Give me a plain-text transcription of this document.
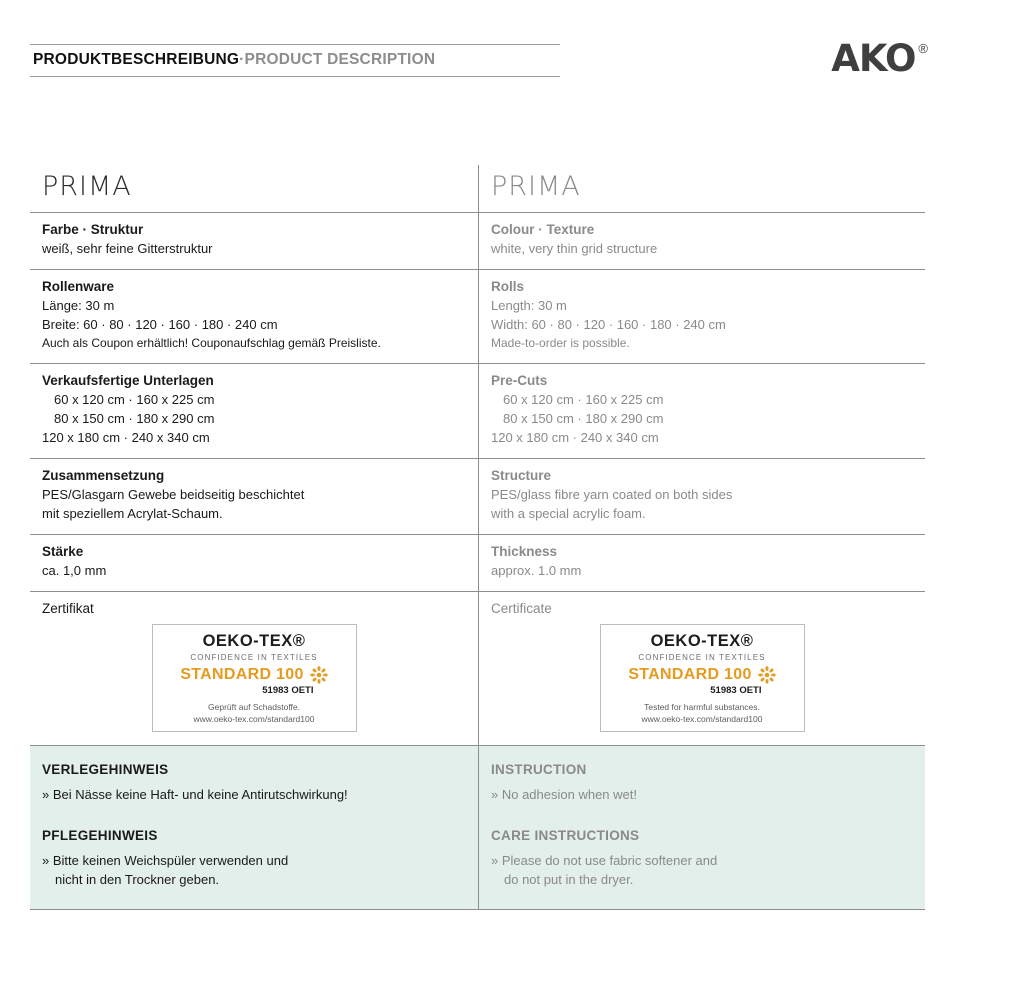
PRODUKTBESCHREIBUNG·PRODUCT DESCRIPTION	AKO ®
PRIMA	PRIMA
Farbe · Struktur
weiß, sehr feine Gitterstruktur
Colour · Texture
white, very thin grid structure
Rollenware
Länge: 30 m
Breite: 60 · 80 · 120 · 160 · 180 · 240 cm
Auch als Coupon erhältlich! Couponaufschlag gemäß Preisliste.
Rolls
Length: 30 m
Width: 60 · 80 · 120 · 160 · 180 · 240 cm
Made-to-order is possible.
Verkaufsfertige Unterlagen
60 x 120 cm · 160 x 225 cm
80 x 150 cm · 180 x 290 cm
120 x 180 cm · 240 x 340 cm
Pre-Cuts
60 x 120 cm · 160 x 225 cm
80 x 150 cm · 180 x 290 cm
120 x 180 cm · 240 x 340 cm
Zusammensetzung
PES/Glasgarn Gewebe beidseitig beschichtet
mit speziellem Acrylat-Schaum.
Structure
PES/glass fibre yarn coated on both sides
with a special acrylic foam.
Stärke
ca. 1,0 mm
Thickness
approx. 1.0 mm
Zertifikat
OEKO-TEX®
CONFIDENCE IN TEXTILES
STANDARD 100
51983 OETI
Geprüft auf Schadstoffe.
www.oeko-tex.com/standard100
Certificate
OEKO-TEX®
CONFIDENCE IN TEXTILES
STANDARD 100
51983 OETI
Tested for harmful substances.
www.oeko-tex.com/standard100
VERLEGEHINWEIS
» Bei Nässe keine Haft- und keine Antirutschwirkung!
PFLEGEHINWEIS
» Bitte keinen Weichspüler verwenden und
nicht in den Trockner geben.
INSTRUCTION
» No adhesion when wet!
CARE INSTRUCTIONS
» Please do not use fabric softener and
do not put in the dryer.
